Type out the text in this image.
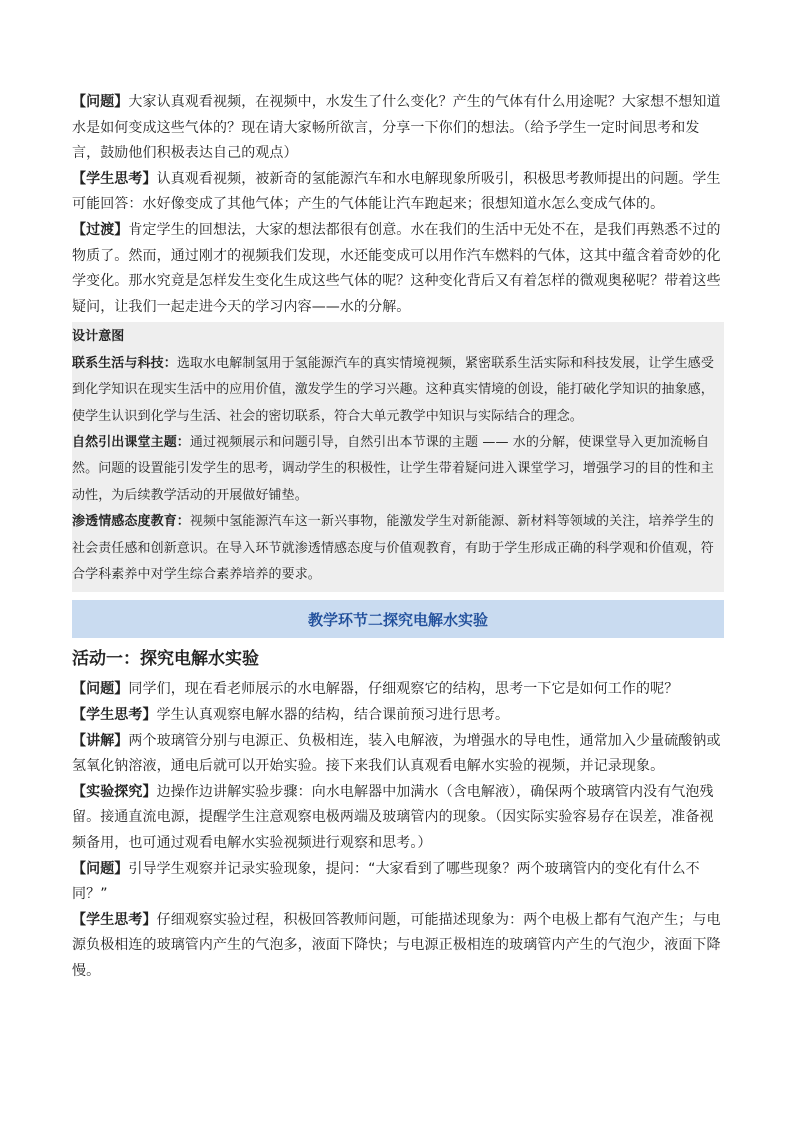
【问题】大家认真观看视频，在视频中，水发生了什么变化？产生的气体有什么用途呢？大家想不想知道水是如何变成这些气体的？现在请大家畅所欲言，分享一下你们的想法。（给予学生一定时间思考和发言，鼓励他们积极表达自己的观点）

【学生思考】认真观看视频，被新奇的氢能源汽车和水电解现象所吸引，积极思考教师提出的问题。学生可能回答：水好像变成了其他气体；产生的气体能让汽车跑起来；很想知道水怎么变成气体的。

【过渡】肯定学生的回想法，大家的想法都很有创意。水在我们的生活中无处不在，是我们再熟悉不过的物质了。然而，通过刚才的视频我们发现，水还能变成可以用作汽车燃料的气体，这其中蕴含着奇妙的化学变化。那水究竟是怎样发生变化生成这些气体的呢？这种变化背后又有着怎样的微观奥秘呢？带着这些疑问，让我们一起走进今天的学习内容——水的分解。

设计意图

联系生活与科技：选取水电解制氢用于氢能源汽车的真实情境视频，紧密联系生活实际和科技发展，让学生感受到化学知识在现实生活中的应用价值，激发学生的学习兴趣。这种真实情境的创设，能打破化学知识的抽象感，使学生认识到化学与生活、社会的密切联系，符合大单元教学中知识与实际结合的理念。

自然引出课堂主题：通过视频展示和问题引导，自然引出本节课的主题 —— 水的分解，使课堂导入更加流畅自然。问题的设置能引发学生的思考，调动学生的积极性，让学生带着疑问进入课堂学习，增强学习的目的性和主动性，为后续教学活动的开展做好铺垫。

渗透情感态度教育：视频中氢能源汽车这一新兴事物，能激发学生对新能源、新材料等领域的关注，培养学生的社会责任感和创新意识。在导入环节就渗透情感态度与价值观教育，有助于学生形成正确的科学观和价值观，符合学科素养中对学生综合素养培养的要求。

教学环节二探究电解水实验
活动一：探究电解水实验

【问题】同学们，现在看老师展示的水电解器，仔细观察它的结构，思考一下它是如何工作的呢？

【学生思考】学生认真观察电解水器的结构，结合课前预习进行思考。

【讲解】两个玻璃管分别与电源正、负极相连，装入电解液，为增强水的导电性，通常加入少量硫酸钠或氢氧化钠溶液，通电后就可以开始实验。接下来我们认真观看电解水实验的视频，并记录现象。

【实验探究】边操作边讲解实验步骤：向水电解器中加满水（含电解液），确保两个玻璃管内没有气泡残留。接通直流电源，提醒学生注意观察电极两端及玻璃管内的现象。（因实际实验容易存在误差，准备视频备用，也可通过观看电解水实验视频进行观察和思考。）

【问题】引导学生观察并记录实验现象，提问：“大家看到了哪些现象？两个玻璃管内的变化有什么不同？”

【学生思考】仔细观察实验过程，积极回答教师问题，可能描述现象为：两个电极上都有气泡产生；与电源负极相连的玻璃管内产生的气泡多，液面下降快；与电源正极相连的玻璃管内产生的气泡少，液面下降慢。
